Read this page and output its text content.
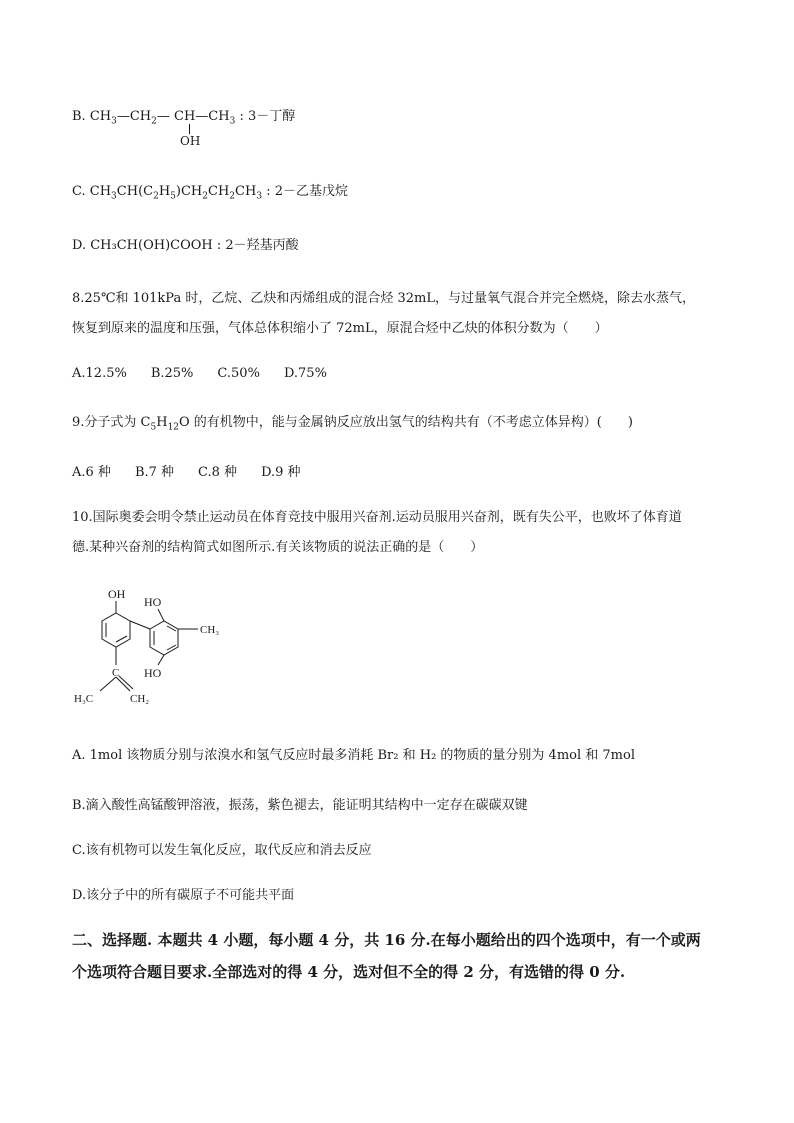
B. $CH_3—CH_2—$ $CH—CH_3$ : 3－丁醇
OH
C. $CH_3CH(C_2H_5)CH_2CH_2CH_3$ : 2－乙基戊烷
D. CH₃CH(OH)COOH : 2－羟基丙酸
8.25℃和 101kPa 时，乙烷、乙炔和丙烯组成的混合烃 32mL，与过量氧气混合并完全燃烧，除去水蒸气，
恢复到原来的温度和压强，气体总体积缩小了 72mL，原混合烃中乙炔的体积分数为（　　）
A.12.5% B.25% C.50% D.75%
9.分子式为 $C_5H_{12}O$ 的有机物中，能与金属钠反应放出氢气的结构共有（不考虑立体异构）(　　)
A.6 种 B.7 种 C.8 种 D.9 种
10.国际奥委会明令禁止运动员在体育竞技中服用兴奋剂.运动员服用兴奋剂，既有失公平，也败坏了体育道
德.某种兴奋剂的结构简式如图所示.有关该物质的说法正确的是（　　）
OH
HO
HO
CH₃
C
H₃C	CH₂
A. 1mol 该物质分别与浓溴水和氢气反应时最多消耗 Br₂ 和 H₂ 的物质的量分别为 4mol 和 7mol
B.滴入酸性高锰酸钾溶液，振荡，紫色褪去，能证明其结构中一定存在碳碳双键
C.该有机物可以发生氧化反应，取代反应和消去反应
D.该分子中的所有碳原子不可能共平面
二、选择题. 本题共 4 小题，每小题 4 分，共 16 分.在每小题给出的四个选项中，有一个或两
个选项符合题目要求.全部选对的得 4 分，选对但不全的得 2 分，有选错的得 0 分.
